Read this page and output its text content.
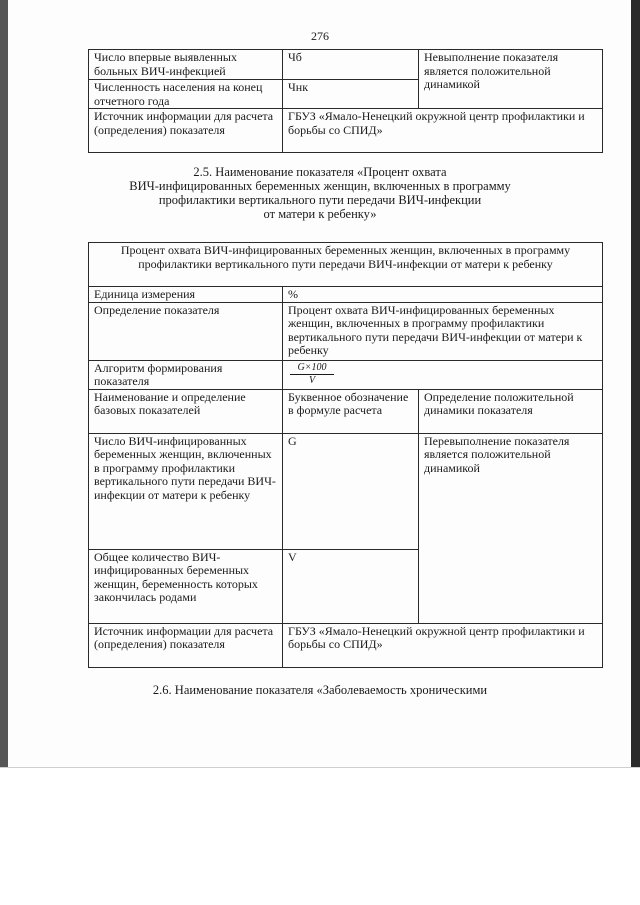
276
Число впервые выявленных больных ВИЧ-инфекцией	Чб	Невыполнение показателя является положительной динамикой
Численность населения на конец отчетного года	Чнк	
Источник информации для расчета (определения) показателя	ГБУЗ «Ямало-Ненецкий окружной центр профилактики и борьбы со СПИД»	
2.5. Наименование показателя «Процент охвата
ВИЧ-инфицированных беременных женщин, включенных в программу
профилактики вертикального пути передачи ВИЧ-инфекции
от матери к ребенку»
Процент охвата ВИЧ-инфицированных беременных женщин, включенных в программу профилактики вертикального пути передачи ВИЧ-инфекции от матери к ребенку		
Единица измерения	%	
Определение показателя	Процент охвата ВИЧ-инфицированных беременных женщин, включенных в программу профилактики вертикального пути передачи ВИЧ-инфекции от матери к ребенку	
Алгоритм формирования показателя	G×100
V	

Наименование и определение базовых показателей	Буквенное обозначение в формуле расчета	Определение положительной динамики показателя
Число ВИЧ-инфицированных беременных женщин, включенных в программу профилактики вертикального пути передачи ВИЧ-инфекции от матери к ребенку	G	Перевыполнение показателя является положительной динамикой
Общее количество ВИЧ-инфицированных беременных женщин, беременность которых закончилась родами	V	
Источник информации для расчета (определения) показателя	ГБУЗ «Ямало-Ненецкий окружной центр профилактики и борьбы со СПИД»	
2.6. Наименование показателя «Заболеваемость хроническими
